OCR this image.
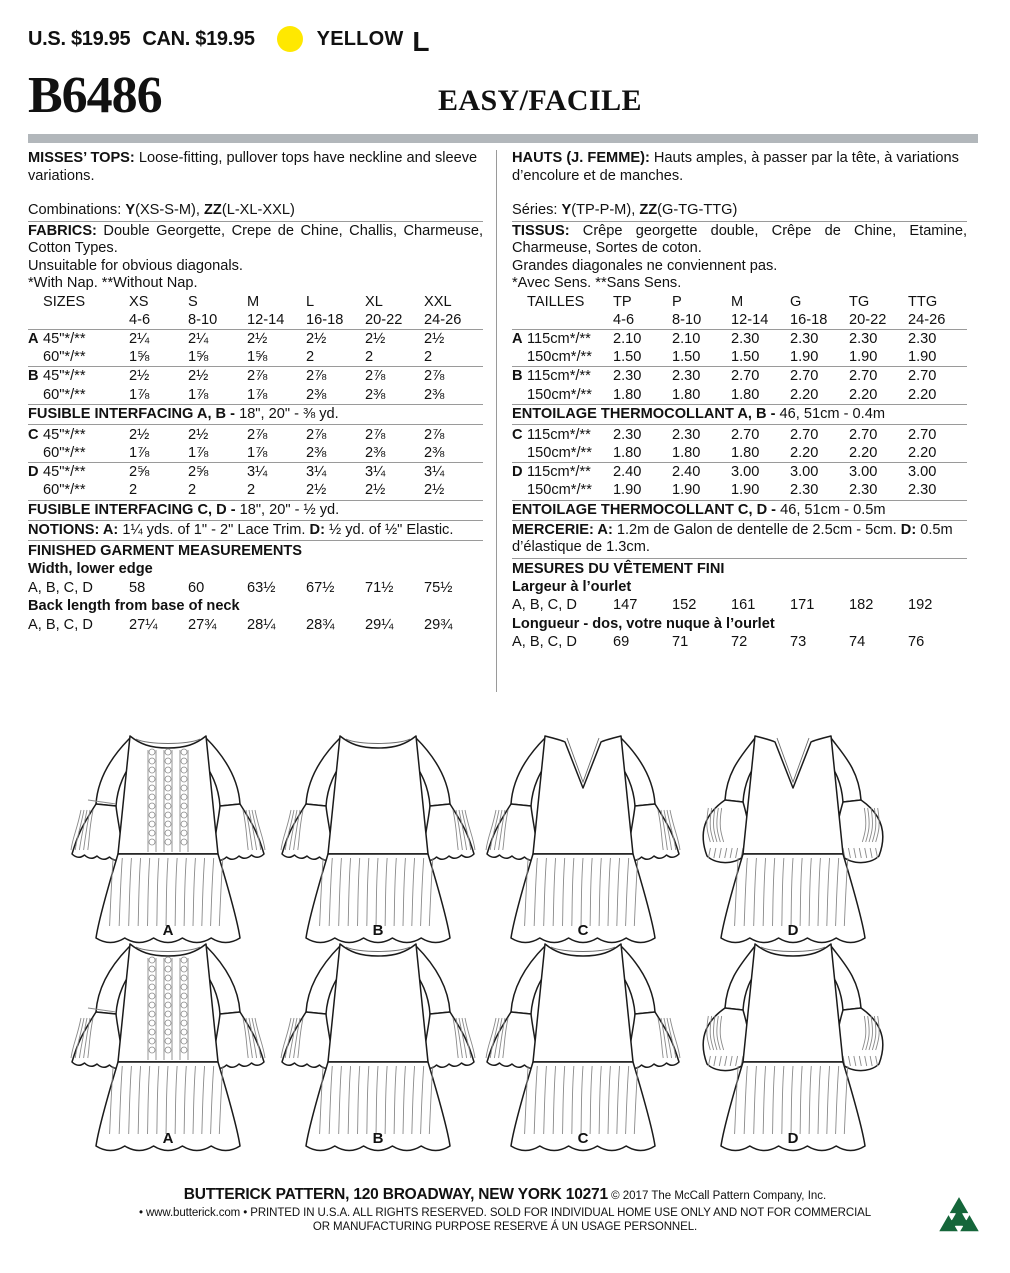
U.S. $19.95 CAN. $19.95	YELLOW L
B6486	EASY/FACILE

MISSES’ TOPS: Loose-fitting, pullover tops have neckline and sleeve variations.

Combinations: Y(XS-S-M), ZZ(L-XL-XXL)

FABRICS: Double Georgette, Crepe de Chine, Challis, Charmeuse, Cotton Types.

Unsuitable for obvious diagonals.

*With Nap. **Without Nap.

	SIZES	XS	S	M	L	XL	XXL
		4-6	8-10	12-14	16-18	20-22	24-26
A	45"*/**	2¼	2¼	2½	2½	2½	2½
	60"*/**	1⅝	1⅝	1⅝	2	2	2
B	45"*/**	2½	2½	2⅞	2⅞	2⅞	2⅞
	60"*/**	1⅞	1⅞	1⅞	2⅜	2⅜	2⅜
FUSIBLE INTERFACING A, B - 18", 20" - ⅜ yd.
C	45"*/**	2½	2½	2⅞	2⅞	2⅞	2⅞
	60"*/**	1⅞	1⅞	1⅞	2⅜	2⅜	2⅜
D	45"*/**	2⅝	2⅝	3¼	3¼	3¼	3¼
	60"*/**	2	2	2	2½	2½	2½
FUSIBLE INTERFACING C, D - 18", 20" - ½ yd.

NOTIONS: A: 1¼ yds. of 1" - 2" Lace Trim. D: ½ yd. of ½" Elastic.

FINISHED GARMENT MEASUREMENTS
Width, lower edge
A, B, C, D	58	60	63½	67½	71½	75½
Back length from base of neck
A, B, C, D	27¼	27¾	28¼	28¾	29¼	29¾

HAUTS (J. FEMME): Hauts amples, à passer par la tête, à variations d’encolure et de manches.

Séries: Y(TP-P-M), ZZ(G-TG-TTG)

TISSUS: Crêpe georgette double, Crêpe de Chine, Etamine, Charmeuse, Sortes de coton.

Grandes diagonales ne conviennent pas.

*Avec Sens. **Sans Sens.

	TAILLES	TP	P	M	G	TG	TTG
		4-6	8-10	12-14	16-18	20-22	24-26
A	115cm*/**	2.10	2.10	2.30	2.30	2.30	2.30
	150cm*/**	1.50	1.50	1.50	1.90	1.90	1.90
B	115cm*/**	2.30	2.30	2.70	2.70	2.70	2.70
	150cm*/**	1.80	1.80	1.80	2.20	2.20	2.20
ENTOILAGE THERMOCOLLANT A, B - 46, 51cm - 0.4m
C	115cm*/**	2.30	2.30	2.70	2.70	2.70	2.70
	150cm*/**	1.80	1.80	1.80	2.20	2.20	2.20
D	115cm*/**	2.40	2.40	3.00	3.00	3.00	3.00
	150cm*/**	1.90	1.90	1.90	2.30	2.30	2.30
ENTOILAGE THERMOCOLLANT C, D - 46, 51cm - 0.5m

MERCERIE: A: 1.2m de Galon de dentelle de 2.5cm - 5cm. D: 0.5m d’élastique de 1.3cm.

MESURES DU VÊTEMENT FINI
Largeur à l’ourlet
A, B, C, D	147	152	161	171	182	192
Longueur - dos, votre nuque à l’ourlet
A, B, C, D	69	71	72	73	74	76
A	B	C	D
A	B	C	D
BUTTERICK PATTERN, 120 BROADWAY, NEW YORK 10271 © 2017 The McCall Pattern Company, Inc.
• www.butterick.com • PRINTED IN U.S.A. ALL RIGHTS RESERVED. SOLD FOR INDIVIDUAL HOME USE ONLY AND NOT FOR COMMERCIAL
OR MANUFACTURING PURPOSE RESERVE Á UN USAGE PERSONNEL.
